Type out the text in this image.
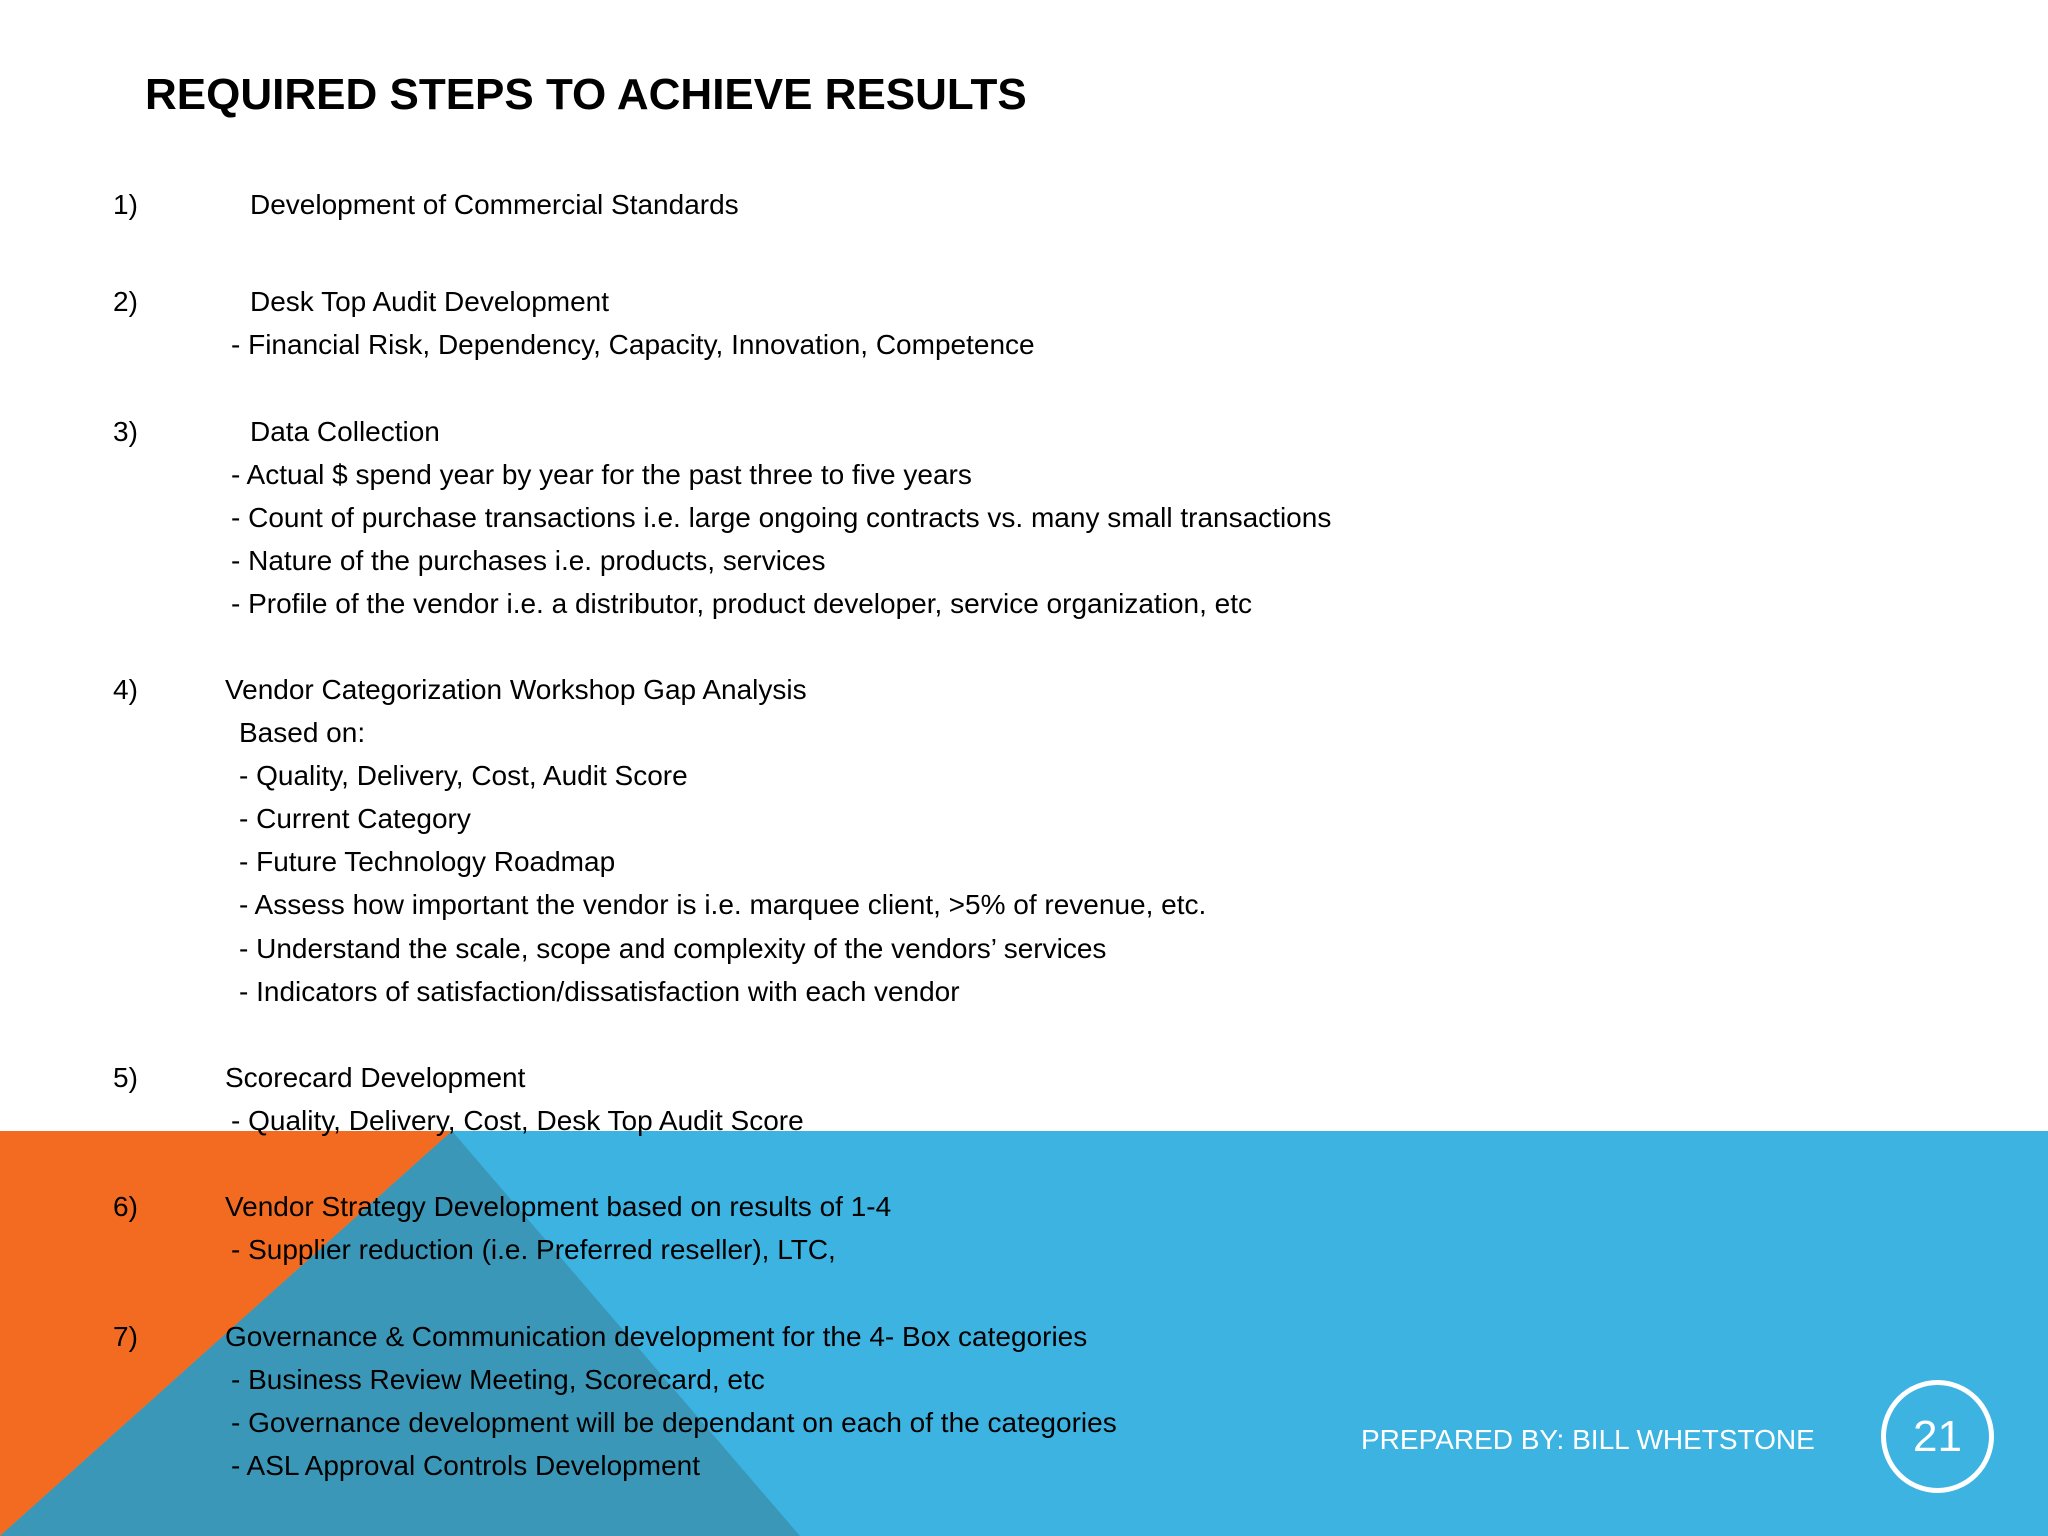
REQUIRED STEPS TO ACHIEVE RESULTS
1)	Development of Commercial Standards
2)	Desk Top Audit Development
- Financial Risk, Dependency, Capacity, Innovation, Competence
3)	Data Collection
- Actual $ spend year by year for the past three to five years
- Count of purchase transactions i.e. large ongoing contracts vs. many small transactions
- Nature of the purchases i.e. products, services
- Profile of the vendor i.e. a distributor, product developer, service organization, etc
4)	Vendor Categorization Workshop Gap Analysis
Based on:
- Quality, Delivery, Cost, Audit Score
- Current Category
- Future Technology Roadmap
- Assess how important the vendor is i.e. marquee client, >5% of revenue, etc.
- Understand the scale, scope and complexity of the vendors’ services
- Indicators of satisfaction/dissatisfaction with each vendor
5)	Scorecard Development
- Quality, Delivery, Cost, Desk Top Audit Score
6)	Vendor Strategy Development based on results of 1-4
- Supplier reduction (i.e. Preferred reseller), LTC,
7)	Governance & Communication development for the 4- Box categories
- Business Review Meeting, Scorecard, etc
- Governance development will be dependant on each of the categories
- ASL Approval Controls Development
PREPARED BY: BILL WHETSTONE	21
